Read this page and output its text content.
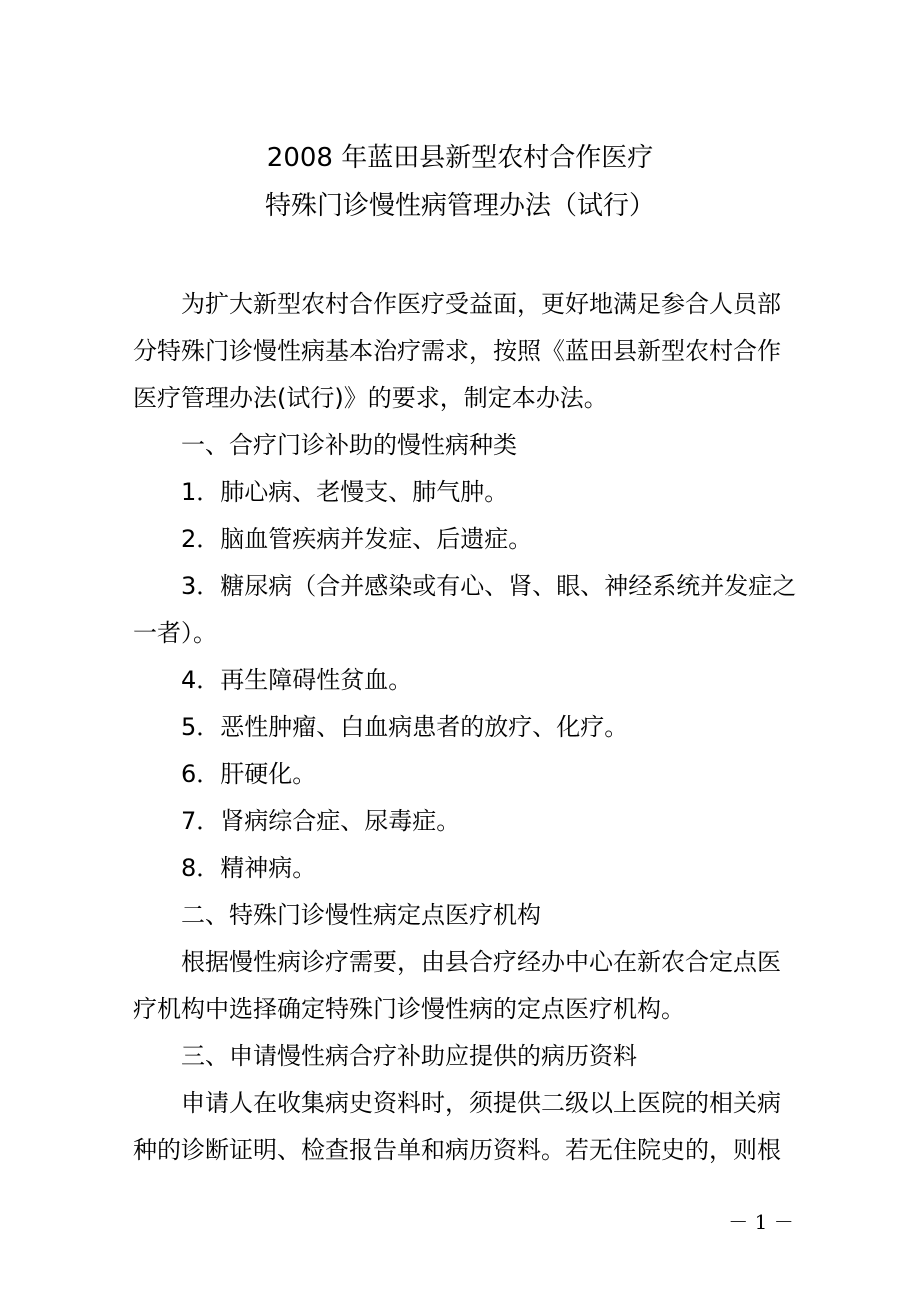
2008 年蓝田县新型农村合作医疗
特殊门诊慢性病管理办法（试行）

为扩大新型农村合作医疗受益面，更好地满足参合人员部

分特殊门诊慢性病基本治疗需求，按照《蓝田县新型农村合作

医疗管理办法(试行)》的要求，制定本办法。

一、合疗门诊补助的慢性病种类

1．肺心病、老慢支、肺气肿。

2．脑血管疾病并发症、后遗症。

3．糖尿病（合并感染或有心、肾、眼、神经系统并发症之

一者）。

4．再生障碍性贫血。

5．恶性肿瘤、白血病患者的放疗、化疗。

6．肝硬化。

7．肾病综合症、尿毒症。

8．精神病。

二、特殊门诊慢性病定点医疗机构

根据慢性病诊疗需要，由县合疗经办中心在新农合定点医

疗机构中选择确定特殊门诊慢性病的定点医疗机构。

三、申请慢性病合疗补助应提供的病历资料

申请人在收集病史资料时，须提供二级以上医院的相关病

种的诊断证明、检查报告单和病历资料。若无住院史的，则根

－ 1 －
